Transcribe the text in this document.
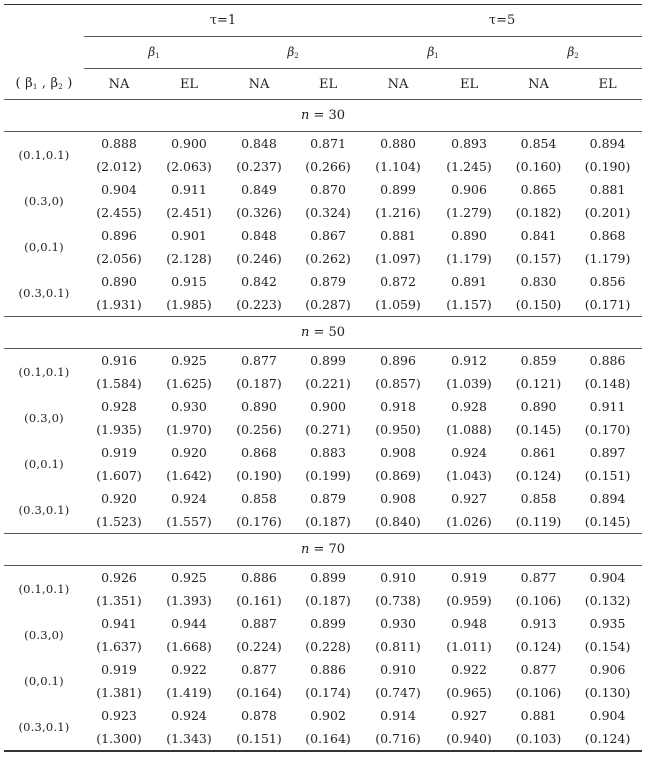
	τ=1				τ=5			
	$\beta_1$		$\beta_2$		$\beta_1$		$\beta_2$
( $\beta_1$ , $\beta_2$ )	NA	EL	NA	EL	NA	EL	NA	EL
n = 30								
(0.1,0.1)	0.888	0.900	0.848	0.871	0.880	0.893	0.854	0.894
	(2.012)	(2.063)	(0.237)	(0.266)	(1.104)	(1.245)	(0.160)	(0.190)
(0.3,0)	0.904	0.911	0.849	0.870	0.899	0.906	0.865	0.881
	(2.455)	(2.451)	(0.326)	(0.324)	(1.216)	(1.279)	(0.182)	(0.201)
(0,0.1)	0.896	0.901	0.848	0.867	0.881	0.890	0.841	0.868
	(2.056)	(2.128)	(0.246)	(0.262)	(1.097)	(1.179)	(0.157)	(1.179)
(0.3,0.1)	0.890	0.915	0.842	0.879	0.872	0.891	0.830	0.856
	(1.931)	(1.985)	(0.223)	(0.287)	(1.059)	(1.157)	(0.150)	(0.171)
n = 50								
(0.1,0.1)	0.916	0.925	0.877	0.899	0.896	0.912	0.859	0.886
	(1.584)	(1.625)	(0.187)	(0.221)	(0.857)	(1.039)	(0.121)	(0.148)
(0.3,0)	0.928	0.930	0.890	0.900	0.918	0.928	0.890	0.911
	(1.935)	(1.970)	(0.256)	(0.271)	(0.950)	(1.088)	(0.145)	(0.170)
(0,0.1)	0.919	0.920	0.868	0.883	0.908	0.924	0.861	0.897
	(1.607)	(1.642)	(0.190)	(0.199)	(0.869)	(1.043)	(0.124)	(0.151)
(0.3,0.1)	0.920	0.924	0.858	0.879	0.908	0.927	0.858	0.894
	(1.523)	(1.557)	(0.176)	(0.187)	(0.840)	(1.026)	(0.119)	(0.145)
n = 70								
(0.1,0.1)	0.926	0.925	0.886	0.899	0.910	0.919	0.877	0.904
	(1.351)	(1.393)	(0.161)	(0.187)	(0.738)	(0.959)	(0.106)	(0.132)
(0.3,0)	0.941	0.944	0.887	0.899	0.930	0.948	0.913	0.935
	(1.637)	(1.668)	(0.224)	(0.228)	(0.811)	(1.011)	(0.124)	(0.154)
(0,0.1)	0.919	0.922	0.877	0.886	0.910	0.922	0.877	0.906
	(1.381)	(1.419)	(0.164)	(0.174)	(0.747)	(0.965)	(0.106)	(0.130)
(0.3,0.1)	0.923	0.924	0.878	0.902	0.914	0.927	0.881	0.904
	(1.300)	(1.343)	(0.151)	(0.164)	(0.716)	(0.940)	(0.103)	(0.124)
